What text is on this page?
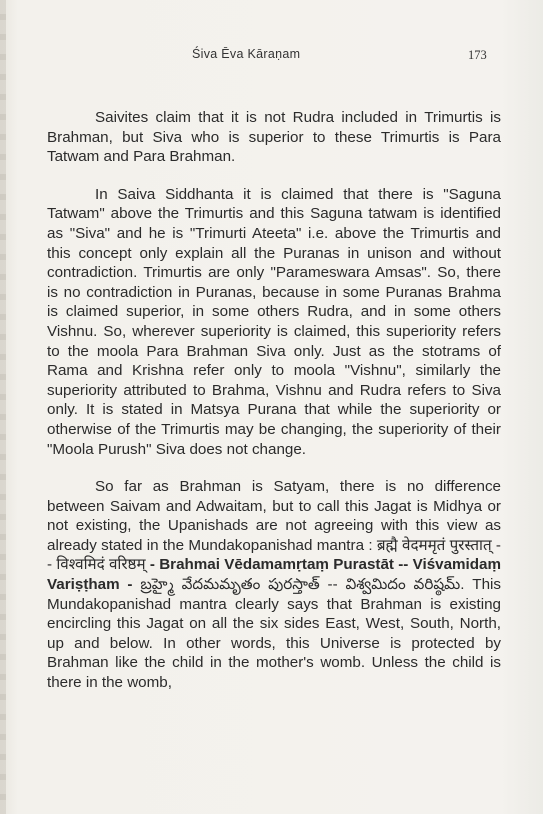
Śiva Ēva Kāraṇam	173

Saivites claim that it is not Rudra included in Trimurtis is Brahman, but Siva who is superior to these Trimurtis is Para Tatwam and Para Brahman.

In Saiva Siddhanta it is claimed that there is "Saguna Tatwam" above the Trimurtis and this Saguna tatwam is identified as "Siva" and he is "Trimurti Ateeta" i.e. above the Trimurtis and this concept only explain all the Puranas in unison and without contradiction. Trimurtis are only "Parameswara Amsas". So, there is no contradiction in Puranas, because in some Puranas Brahma is claimed superior, in some others Rudra, and in some others Vishnu. So, wherever superiority is claimed, this superiority refers to the moola Para Brahman Siva only. Just as the stotrams of Rama and Krishna refer only to moola "Vishnu", similarly the superiority attributed to Brahma, Vishnu and Rudra refers to Siva only. It is stated in Matsya Purana that while the superiority or otherwise of the Trimurtis may be changing, the superiority of their "Moola Purush" Siva does not change.

So far as Brahman is Satyam, there is no difference between Saivam and Adwaitam, but to call this Jagat is Midhya or not existing, the Upanishads are not agreeing with this view as already stated in the Mundakopanishad mantra : ब्रह्मै वेदममृतं पुरस्तात् -- विश्वमिदं वरिष्ठम् - Brahmai Vēdamamṛtaṃ Purastāt -- Viśvamidaṃ Variṣṭham - బ్రహ్మై వేదమమృతం పురస్తాత్ -- విశ్వమిదం వరిష్ఠమ్. This Mundakopanishad mantra clearly says that Brahman is existing encircling this Jagat on all the six sides East, West, South, North, up and below. In other words, this Universe is protected by Brahman like the child in the mother's womb. Unless the child is there in the womb,
